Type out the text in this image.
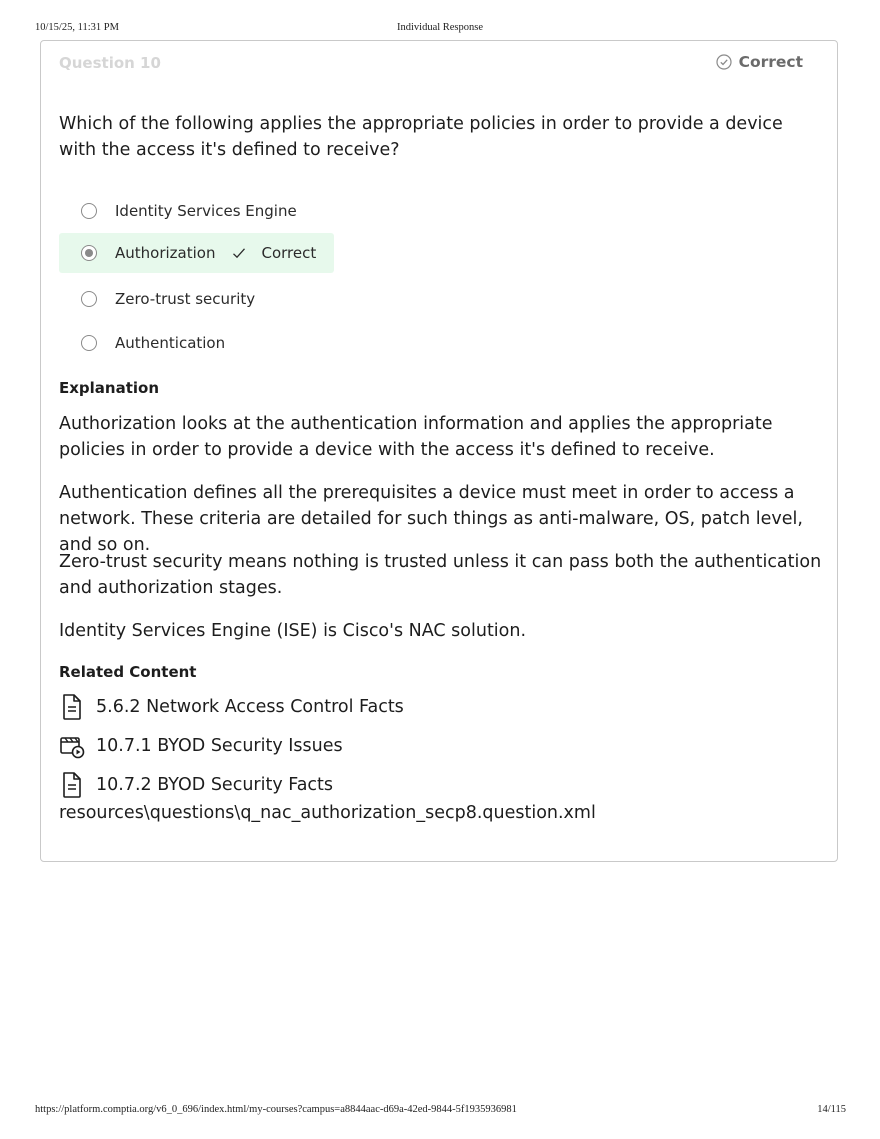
10/15/25, 11:31 PM	Individual Response
Question 10	Correct
Which of the following applies the appropriate policies in order to provide a device with the access it's defined to receive?
Identity Services Engine
Authorization	Correct
Zero-trust security
Authentication
Explanation
Authorization looks at the authentication information and applies the appropriate policies in order to provide a device with the access it's defined to receive.
Authentication defines all the prerequisites a device must meet in order to access a network. These criteria are detailed for such things as anti-malware, OS, patch level, and so on.
Zero-trust security means nothing is trusted unless it can pass both the authentication and authorization stages.
Identity Services Engine (ISE) is Cisco's NAC solution.
Related Content
5.6.2 Network Access Control Facts
10.7.1 BYOD Security Issues
10.7.2 BYOD Security Facts
resources\questions\q_nac_authorization_secp8.question.xml
https://platform.comptia.org/v6_0_696/index.html/my-courses?campus=a8844aac-d69a-42ed-9844-5f1935936981	14/115
